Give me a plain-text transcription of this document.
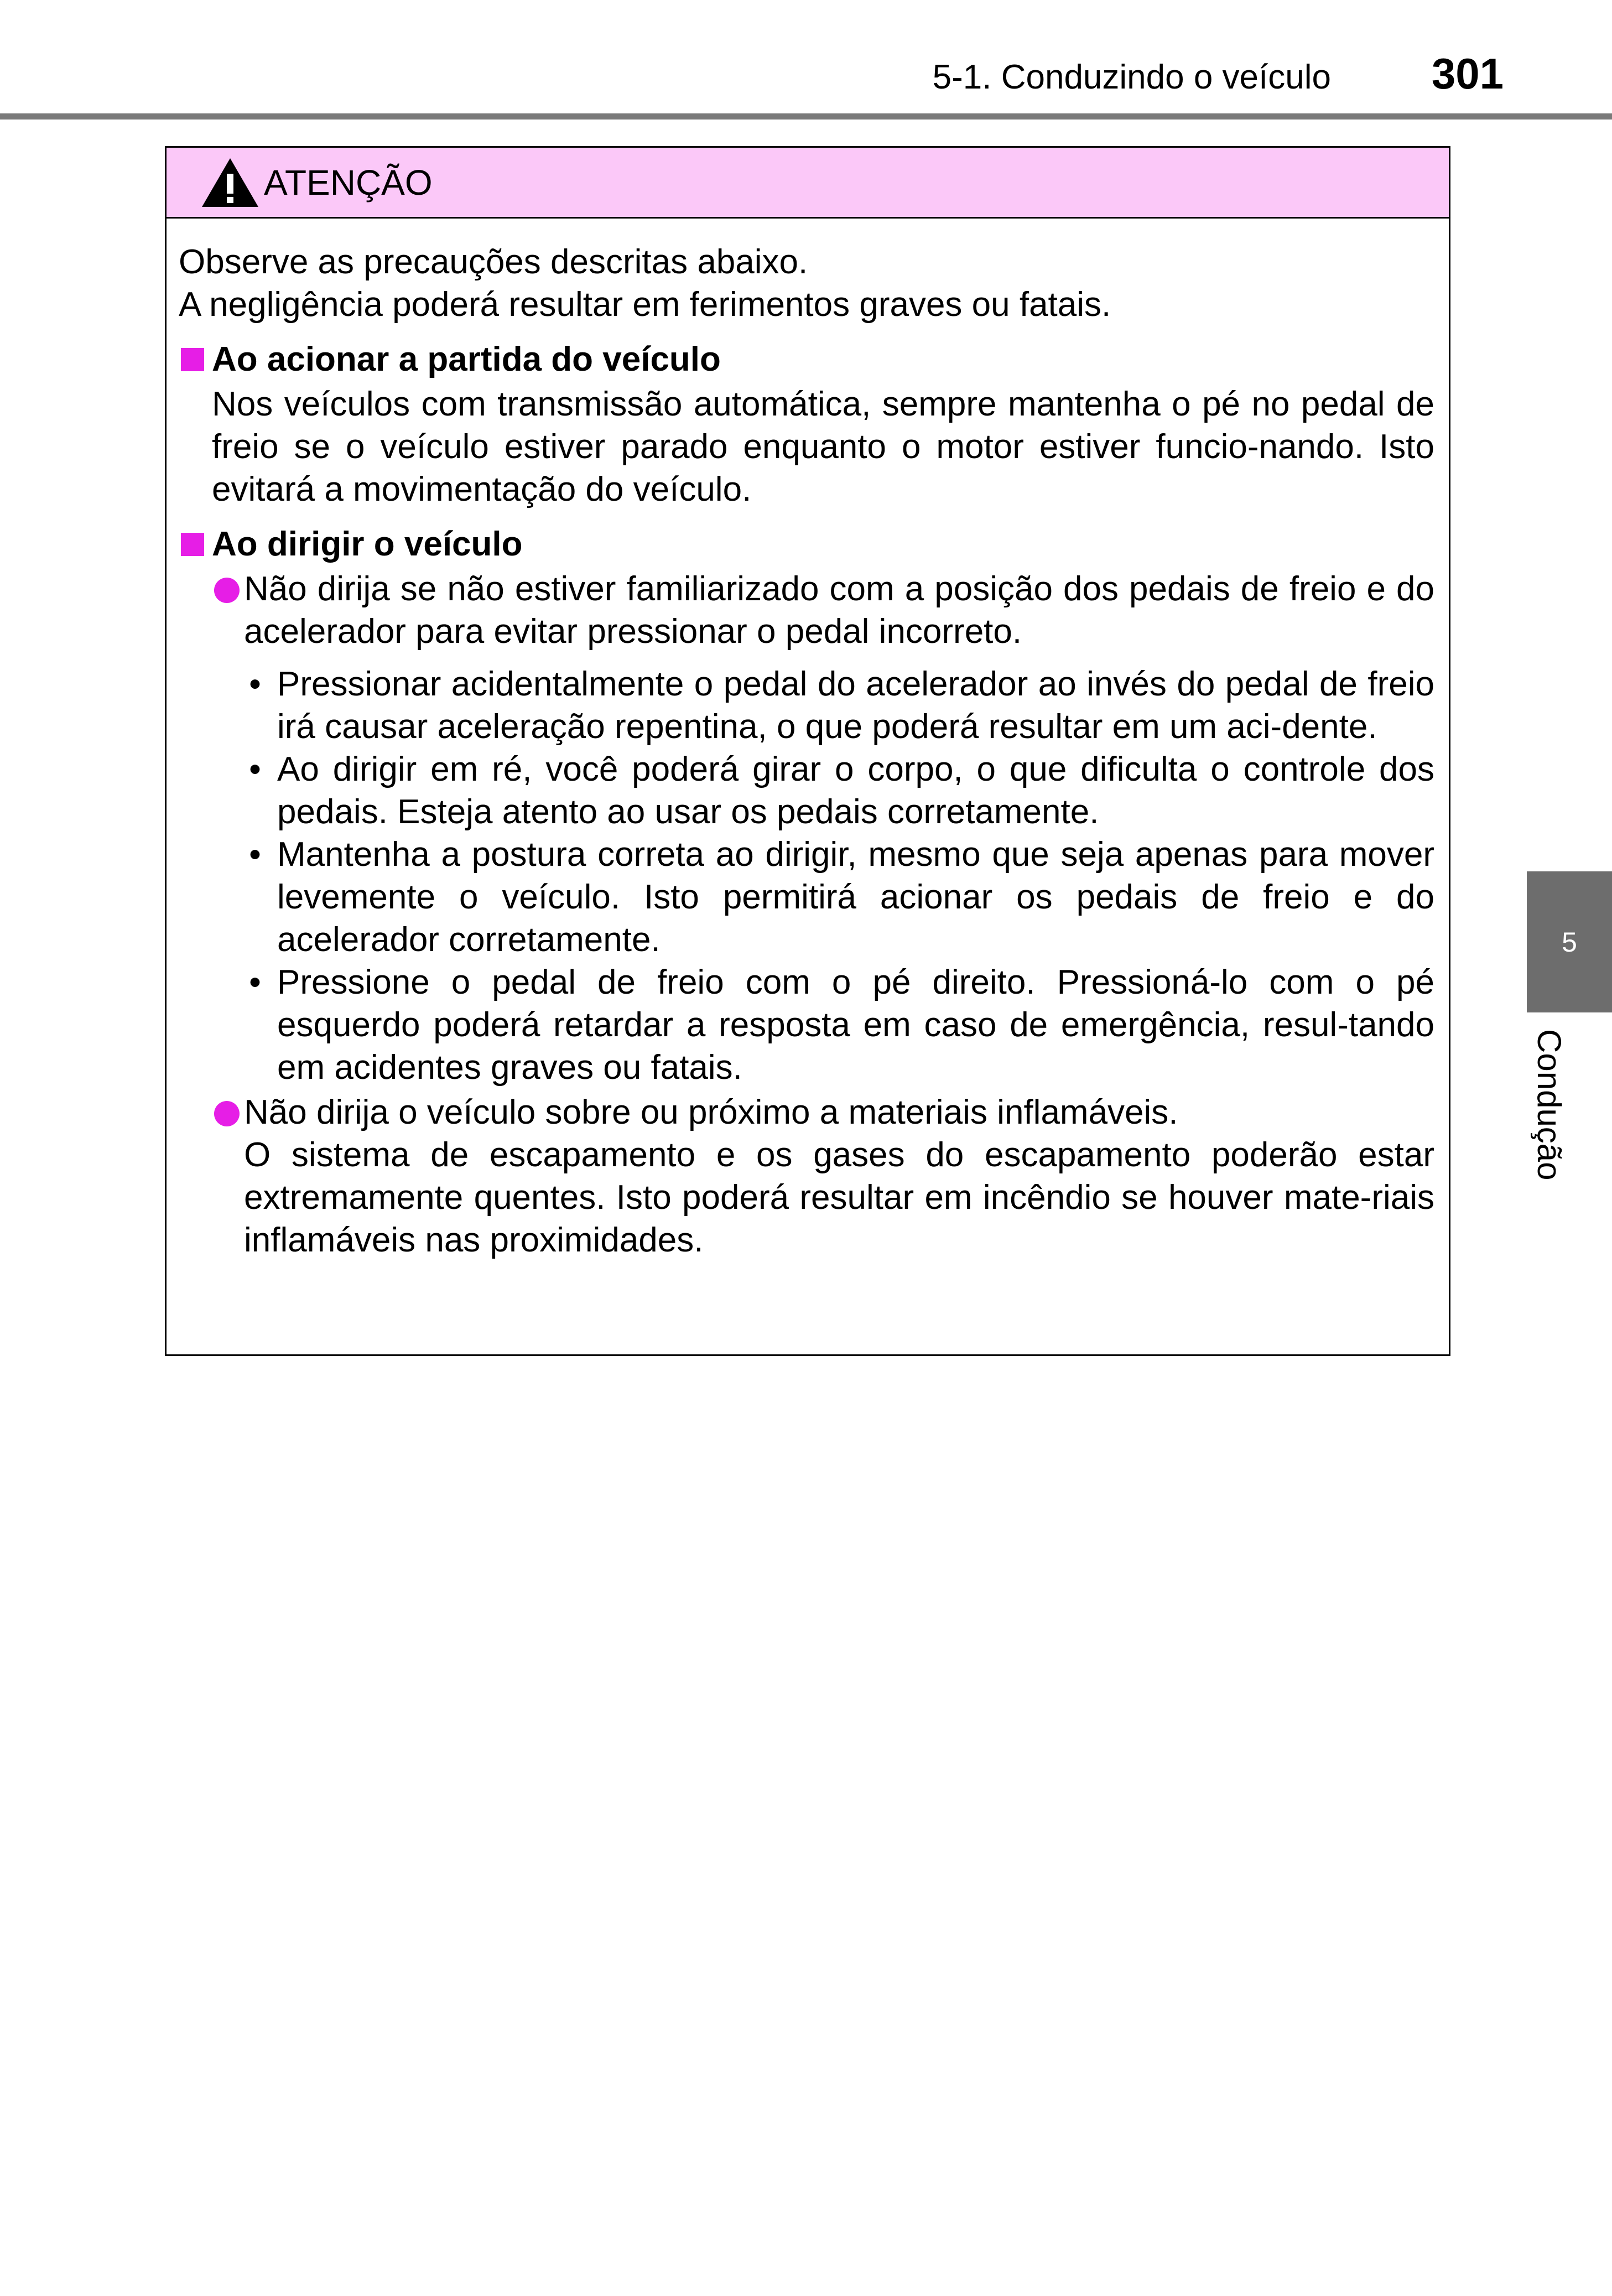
5-1. Conduzindo o veículo 301
5
Condução
ATENÇÃO
Observe as precauções descritas abaixo.
A negligência poderá resultar em ferimentos graves ou fatais.
Ao acionar a partida do veículo
Nos veículos com transmissão automática, sempre mantenha o pé no pedal de freio se o veículo estiver parado enquanto o motor estiver funcio-nando. Isto evitará a movimentação do veículo.
Ao dirigir o veículo
Não dirija se não estiver familiarizado com a posição dos pedais de freio e do acelerador para evitar pressionar o pedal incorreto.
• Pressionar acidentalmente o pedal do acelerador ao invés do pedal de freio irá causar aceleração repentina, o que poderá resultar em um aci-dente.
• Ao dirigir em ré, você poderá girar o corpo, o que dificulta o controle dos pedais. Esteja atento ao usar os pedais corretamente.
• Mantenha a postura correta ao dirigir, mesmo que seja apenas para mover levemente o veículo. Isto permitirá acionar os pedais de freio e do acelerador corretamente.
• Pressione o pedal de freio com o pé direito. Pressioná-lo com o pé esquerdo poderá retardar a resposta em caso de emergência, resul-tando em acidentes graves ou fatais.
Não dirija o veículo sobre ou próximo a materiais inflamáveis.
O sistema de escapamento e os gases do escapamento poderão estar extremamente quentes. Isto poderá resultar em incêndio se houver mate-riais inflamáveis nas proximidades.
